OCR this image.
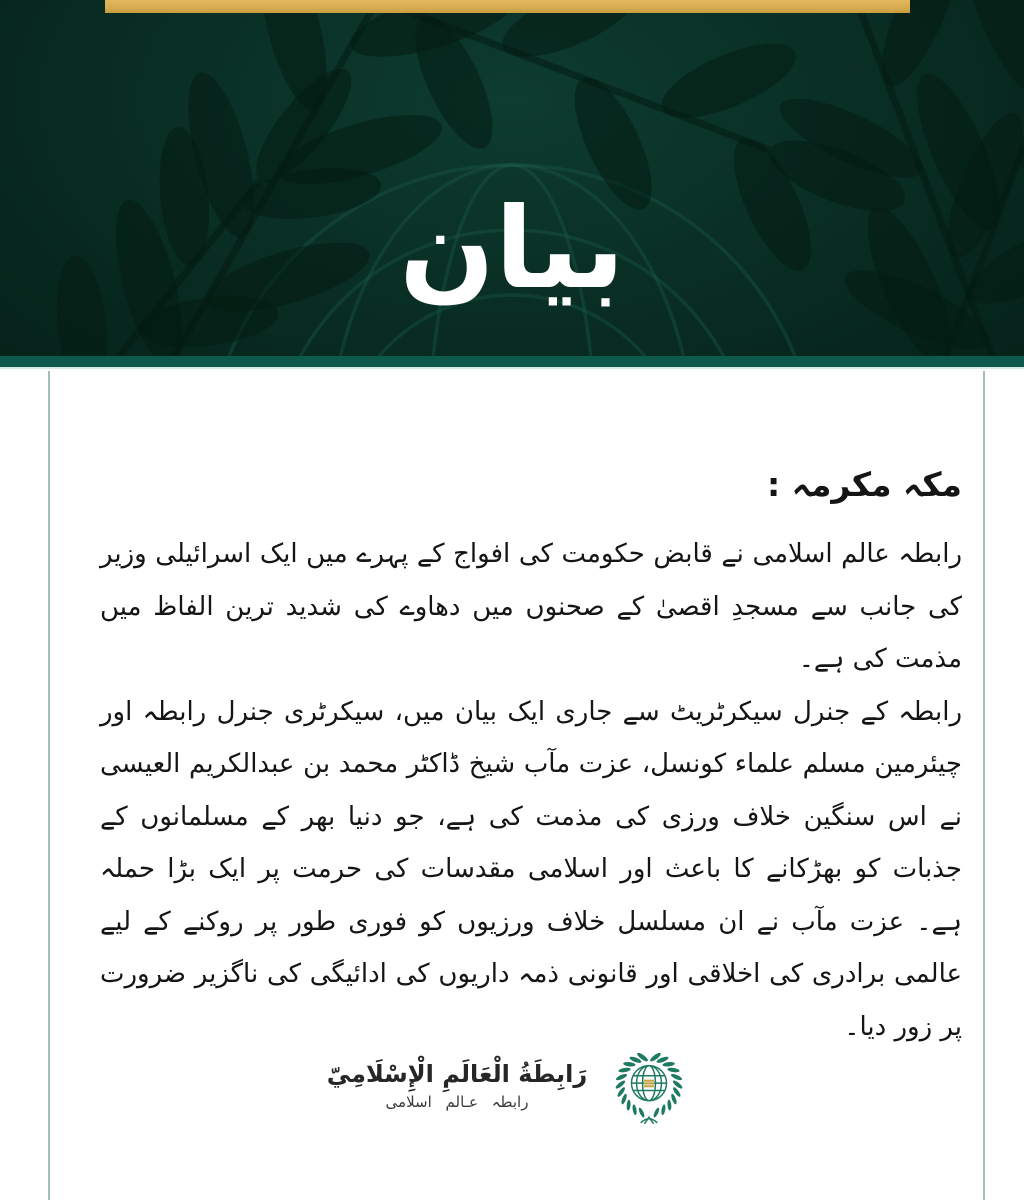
بيان
مکہ مکرمہ :

رابطہ عالم اسلامی نے قابض حکومت کی افواج کے پہرے میں ایک اسرائیلی وزیر کی جانب سے مسجدِ اقصیٰ کے صحنوں میں دھاوے کی شدید ترین الفاظ میں مذمت کی ہے۔

رابطہ کے جنرل سیکرٹریٹ سے جاری ایک بیان میں، سیکرٹری جنرل رابطہ اور چیئرمین مسلم علماء کونسل، عزت مآب شیخ ڈاکٹر محمد بن عبدالکریم العیسی نے اس سنگین خلاف ورزی کی مذمت کی ہے، جو دنیا بھر کے مسلمانوں کے جذبات کو بھڑکانے کا باعث اور اسلامی مقدسات کی حرمت پر ایک بڑا حملہ ہے۔ عزت مآب نے ان مسلسل خلاف ورزیوں کو فوری طور پر روکنے کے لیے عالمی برادری کی اخلاقی اور قانونی ذمہ داریوں کی ادائیگی کی ناگزیر ضرورت پر زور دیا۔

رَابِطَةُ الْعَالَمِ الْإِسْلَامِيّ
رابطہ عـالم اسلامی
